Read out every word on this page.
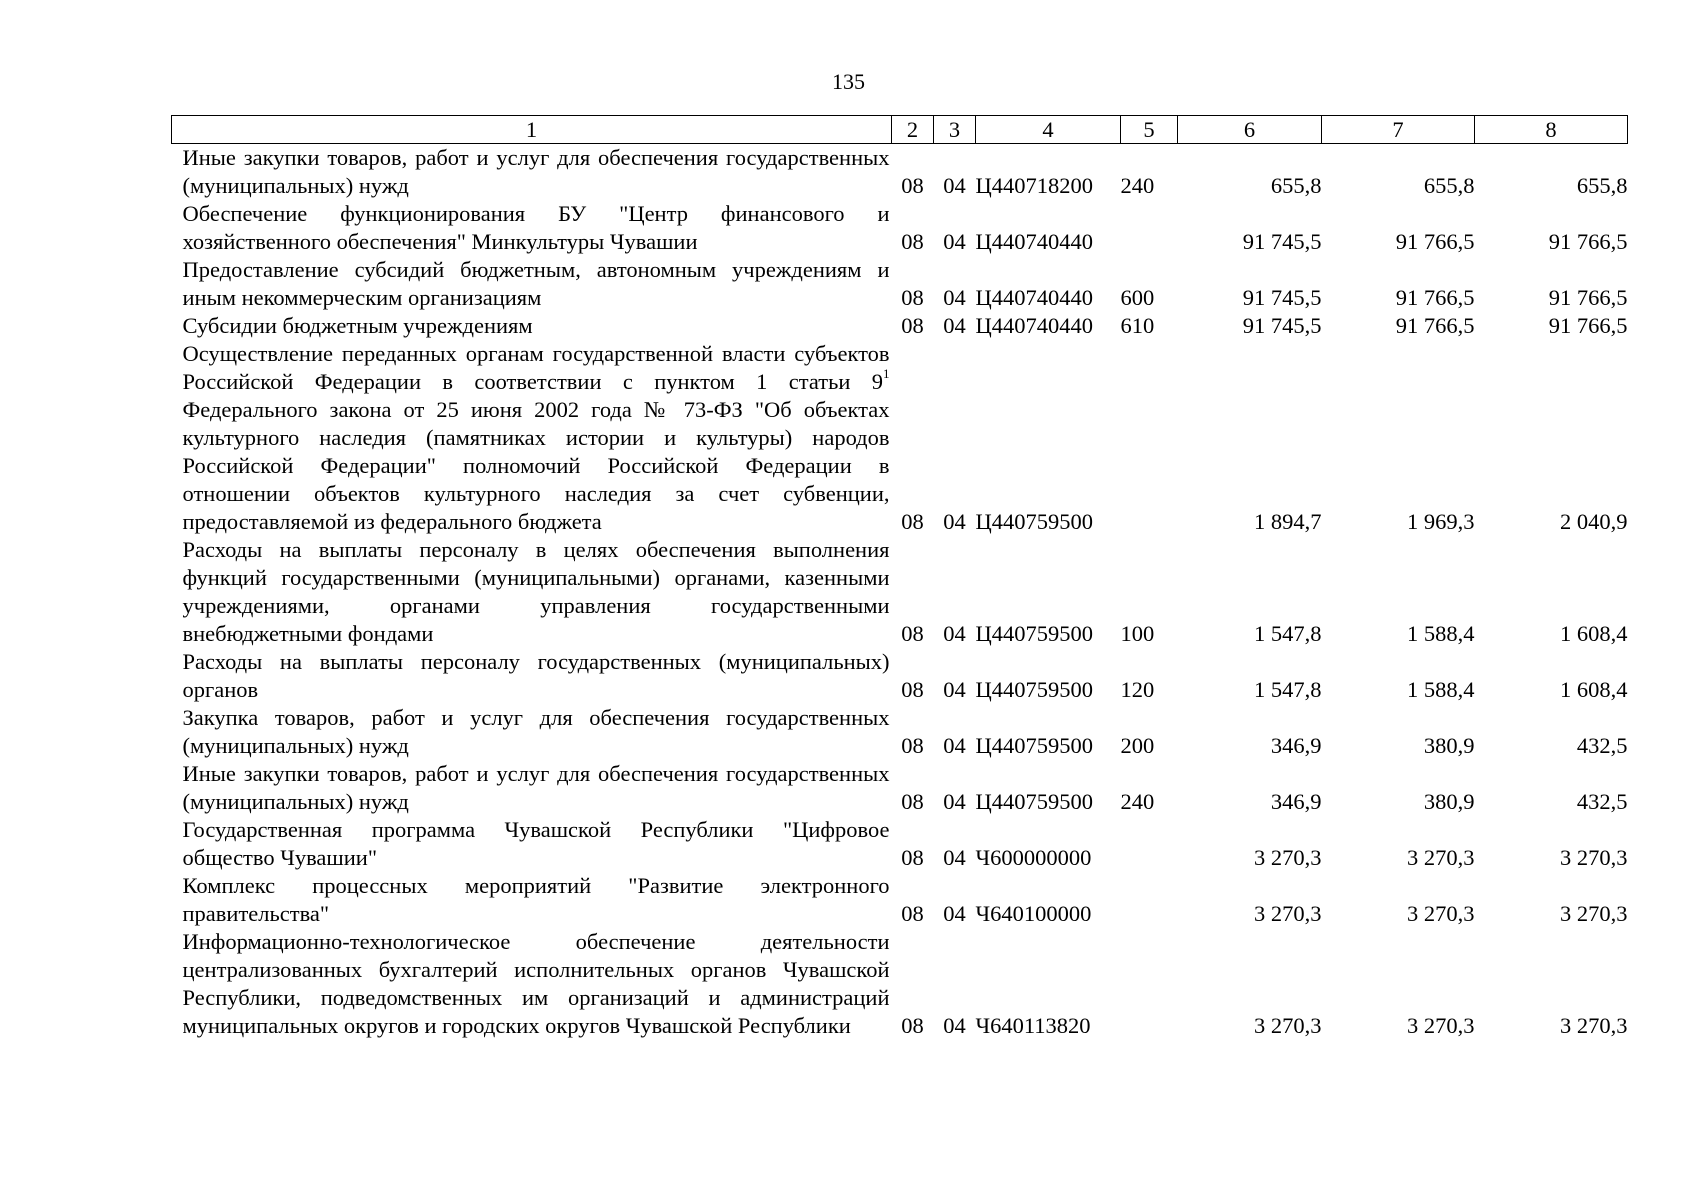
135
1	2	3	4	5	6	7	8
Иные закупки товаров, работ и услуг для обеспечения государственных (муниципальных) нужд	08	04	Ц440718200	240	655,8	655,8	655,8
Обеспечение функционирования БУ "Центр финансового и хозяйственного обеспечения" Минкультуры Чувашии	08	04	Ц440740440		91 745,5	91 766,5	91 766,5
Предоставление субсидий бюджетным, автономным учреждениям и иным некоммерческим организациям	08	04	Ц440740440	600	91 745,5	91 766,5	91 766,5
Субсидии бюджетным учреждениям	08	04	Ц440740440	610	91 745,5	91 766,5	91 766,5
Осуществление переданных органам государственной власти субъектов Российской Федерации в соответствии с пунктом 1 статьи $9^1$ Федерального закона от 25 июня 2002 года № 73-ФЗ "Об объектах культурного наследия (памятниках истории и культуры) народов Российской Федерации" полномочий Российской Федерации в отношении объектов культурного наследия за счет субвенции, предоставляемой из федерального бюджета	08	04	Ц440759500		1 894,7	1 969,3	2 040,9
Расходы на выплаты персоналу в целях обеспечения выполнения функций государственными (муниципальными) органами, казенными учреждениями, органами управления государственными внебюджетными фондами	08	04	Ц440759500	100	1 547,8	1 588,4	1 608,4
Расходы на выплаты персоналу государственных (муниципальных) органов	08	04	Ц440759500	120	1 547,8	1 588,4	1 608,4
Закупка товаров, работ и услуг для обеспечения государственных (муниципальных) нужд	08	04	Ц440759500	200	346,9	380,9	432,5
Иные закупки товаров, работ и услуг для обеспечения государственных (муниципальных) нужд	08	04	Ц440759500	240	346,9	380,9	432,5
Государственная программа Чувашской Республики "Цифровое общество Чувашии"	08	04	Ч600000000		3 270,3	3 270,3	3 270,3
Комплекс процессных мероприятий "Развитие электронного правительства"	08	04	Ч640100000		3 270,3	3 270,3	3 270,3
Информационно-технологическое обеспечение деятельности централизованных бухгалтерий исполнительных органов Чувашской Республики, подведомственных им организаций и администраций муниципальных округов и городских округов Чувашской Республики	08	04	Ч640113820		3 270,3	3 270,3	3 270,3
